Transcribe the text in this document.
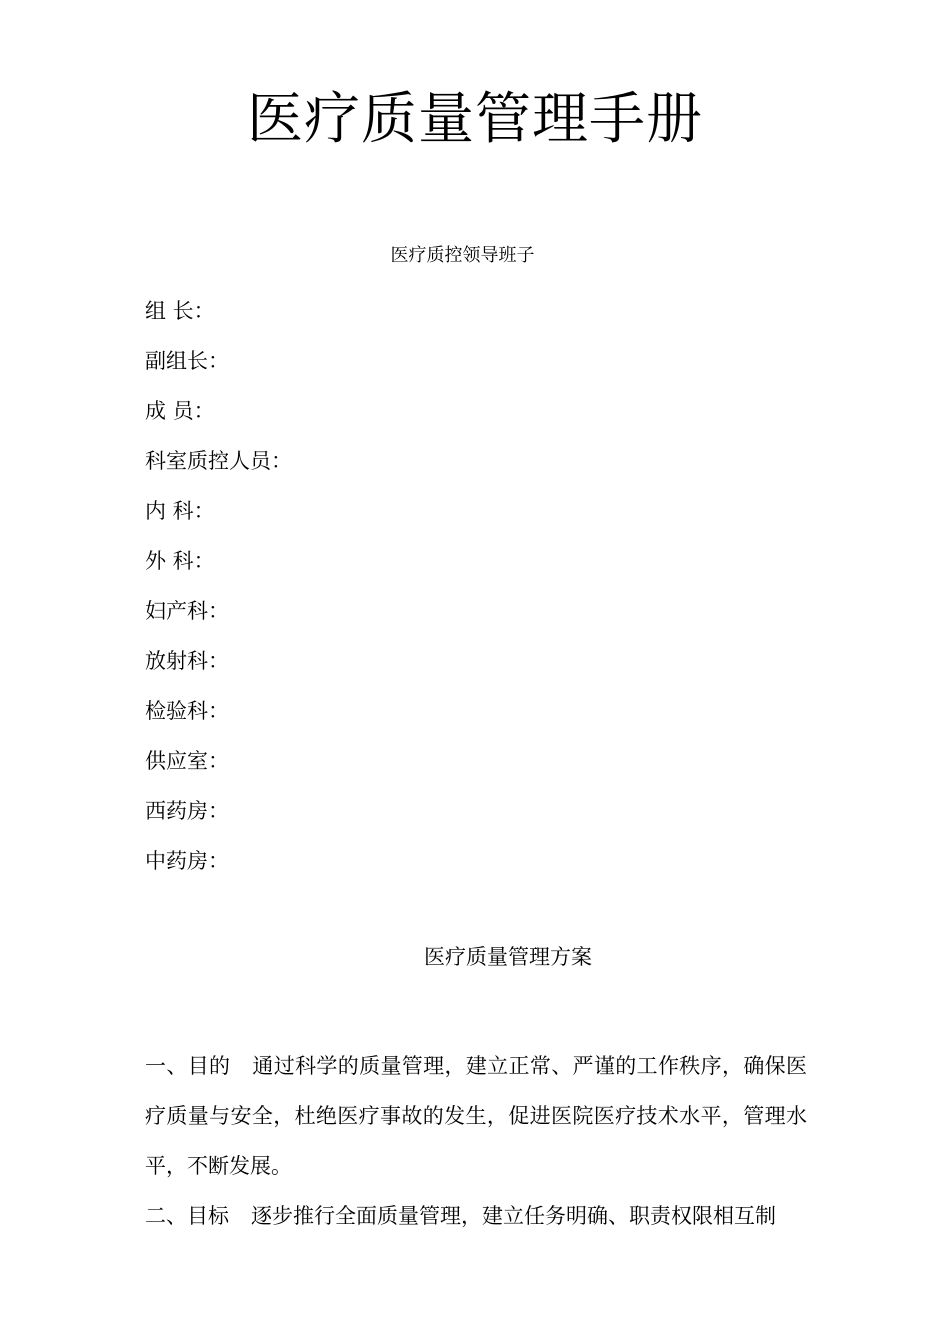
医疗质量管理手册
医疗质控领导班子
组 长：
副组长：
成 员：
科室质控人员：
内 科：
外 科：
妇产科：
放射科：
检验科：
供应室：
西药房：
中药房：
医疗质量管理方案

一、目的 通过科学的质量管理，建立正常、严谨的工作秩序，确保医疗质量与安全，杜绝医疗事故的发生，促进医院医疗技术水平，管理水平，不断发展。

二、目标 逐步推行全面质量管理，建立任务明确、职责权限相互制
